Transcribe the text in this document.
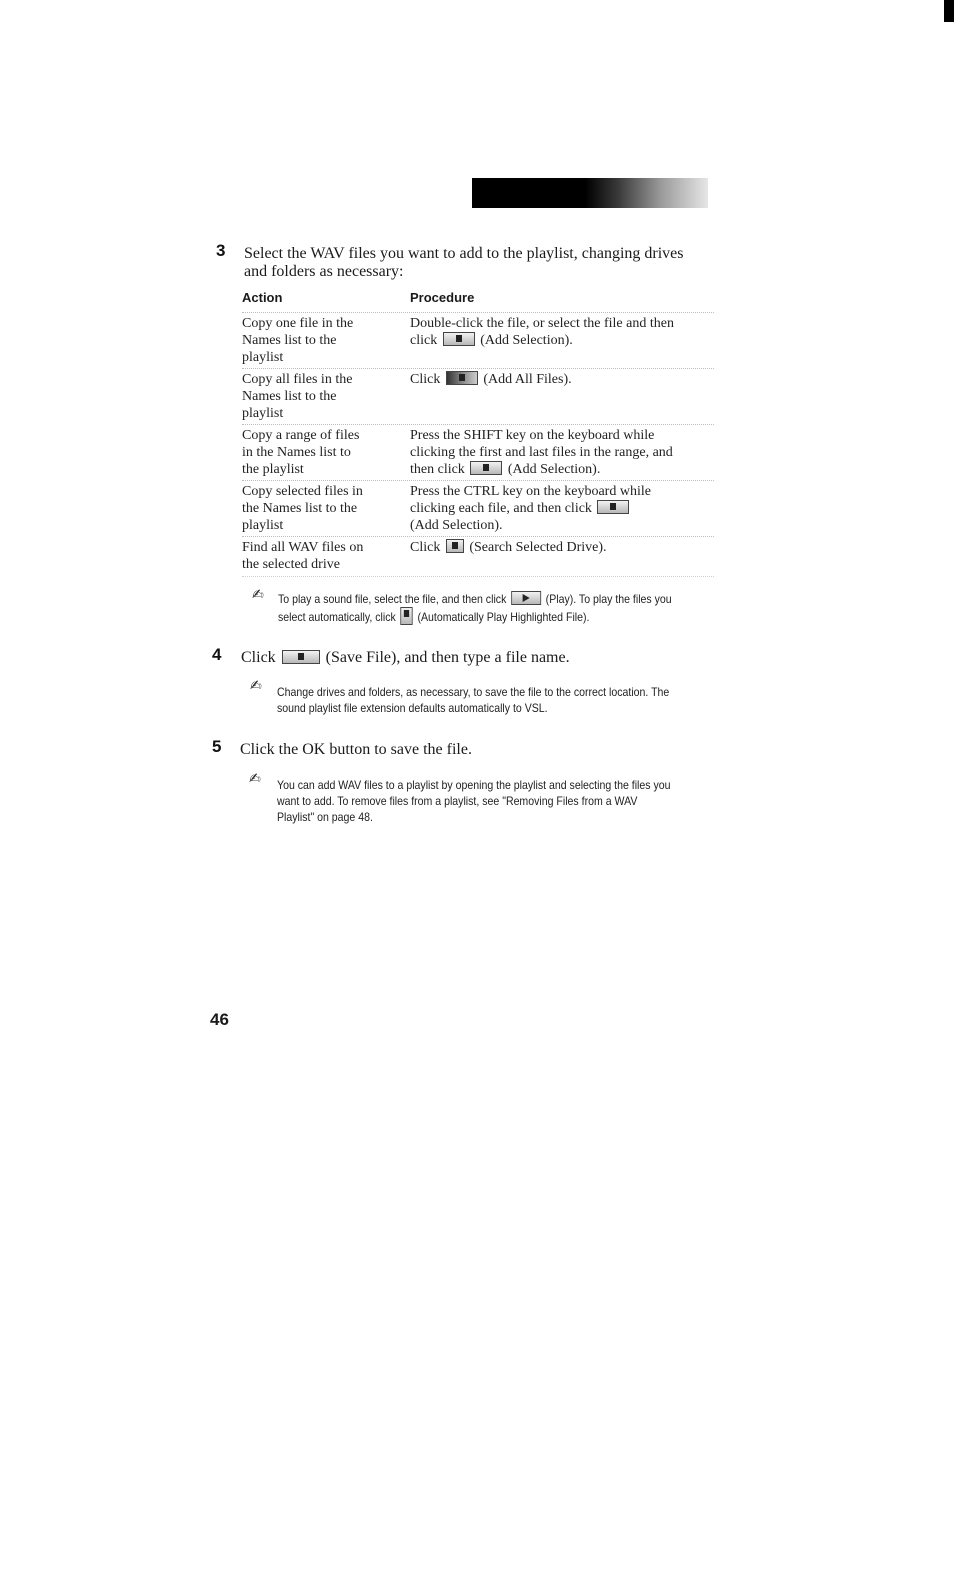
3 Select the WAV files you want to add to the playlist, changing drives
and folders as necessary:
Action	Procedure
Copy one file in the
Names list to the
playlist
Double-click the file, or select the file and then
click	(Add Selection).
Copy all files in the
Names list to the
playlist
Click	(Add All Files).
Copy a range of files
in the Names list to
the playlist
Press the SHIFT key on the keyboard while
clicking the first and last files in the range, and
then click	(Add Selection).
Copy selected files in
the Names list to the
playlist
Press the CTRL key on the keyboard while
clicking each file, and then click
(Add Selection).
Find all WAV files on
the selected drive
Click (Search Selected Drive).
✍	To play a sound file, select the file, and then click	(Play). To play the files you
select automatically, click (Automatically Play Highlighted File).
4 Click	(Save File), and then type a file name.
✍	Change drives and folders, as necessary, to save the file to the correct location. The
sound playlist file extension defaults automatically to VSL.
5 Click the OK button to save the file.
✍	You can add WAV files to a playlist by opening the playlist and selecting the files you
want to add. To remove files from a playlist, see "Removing Files from a WAV
Playlist" on page 48.
46
